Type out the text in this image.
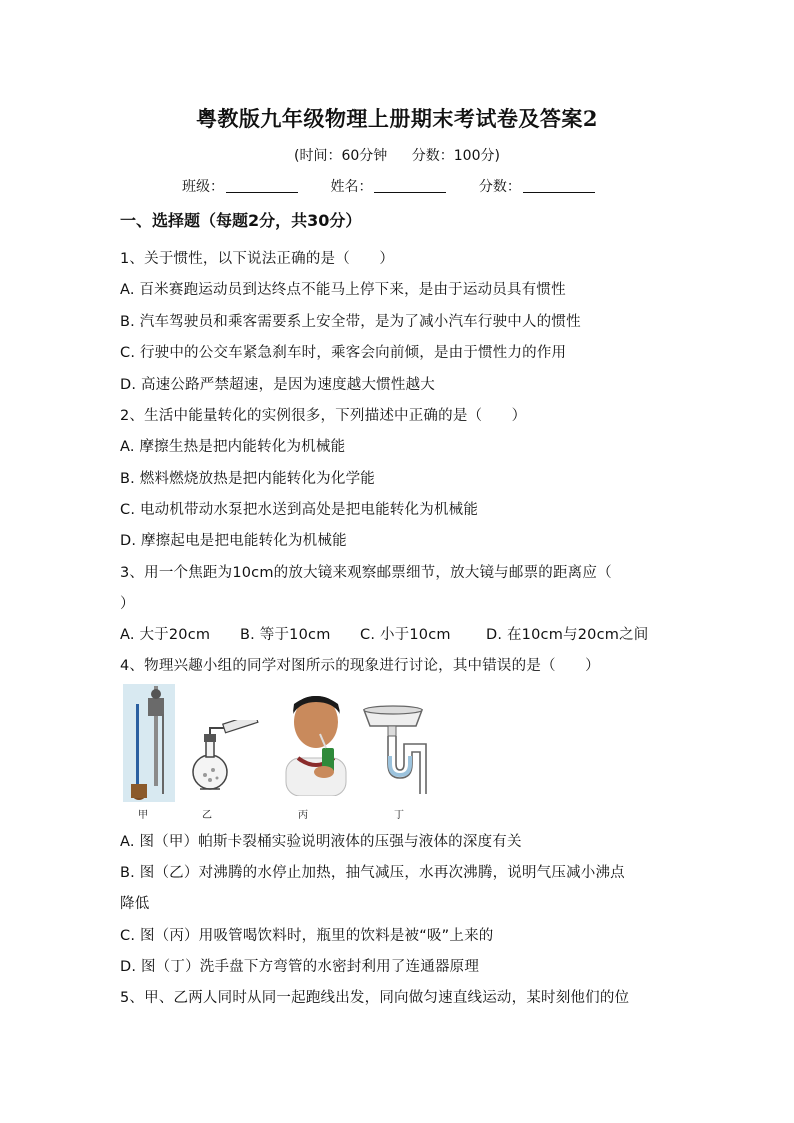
粤教版九年级物理上册期末考试卷及答案2
(时间：60分钟 分数：100分)
班级：	姓名：	分数：
一、选择题（每题2分，共30分）
1、关于惯性，以下说法正确的是（　　）
A. 百米赛跑运动员到达终点不能马上停下来，是由于运动员具有惯性
B. 汽车驾驶员和乘客需要系上安全带，是为了减小汽车行驶中人的惯性
C. 行驶中的公交车紧急刹车时，乘客会向前倾，是由于惯性力的作用
D. 高速公路严禁超速，是因为速度越大惯性越大
2、生活中能量转化的实例很多，下列描述中正确的是（　　）
A. 摩擦生热是把内能转化为机械能
B. 燃料燃烧放热是把内能转化为化学能
C. 电动机带动水泵把水送到高处是把电能转化为机械能
D. 摩擦起电是把电能转化为机械能
3、用一个焦距为10cm的放大镜来观察邮票细节，放大镜与邮票的距离应（
）
A. 大于20cm B. 等于10cm C. 小于10cm D. 在10cm与20cm之间
4、物理兴趣小组的同学对图所示的现象进行讨论，其中错误的是（　　）
甲	乙	丙	丁
A. 图（甲）帕斯卡裂桶实验说明液体的压强与液体的深度有关
B. 图（乙）对沸腾的水停止加热，抽气减压，水再次沸腾，说明气压减小沸点
降低
C. 图（丙）用吸管喝饮料时，瓶里的饮料是被“吸”上来的
D. 图（丁）洗手盘下方弯管的水密封利用了连通器原理
5、甲、乙两人同时从同一起跑线出发，同向做匀速直线运动，某时刻他们的位
